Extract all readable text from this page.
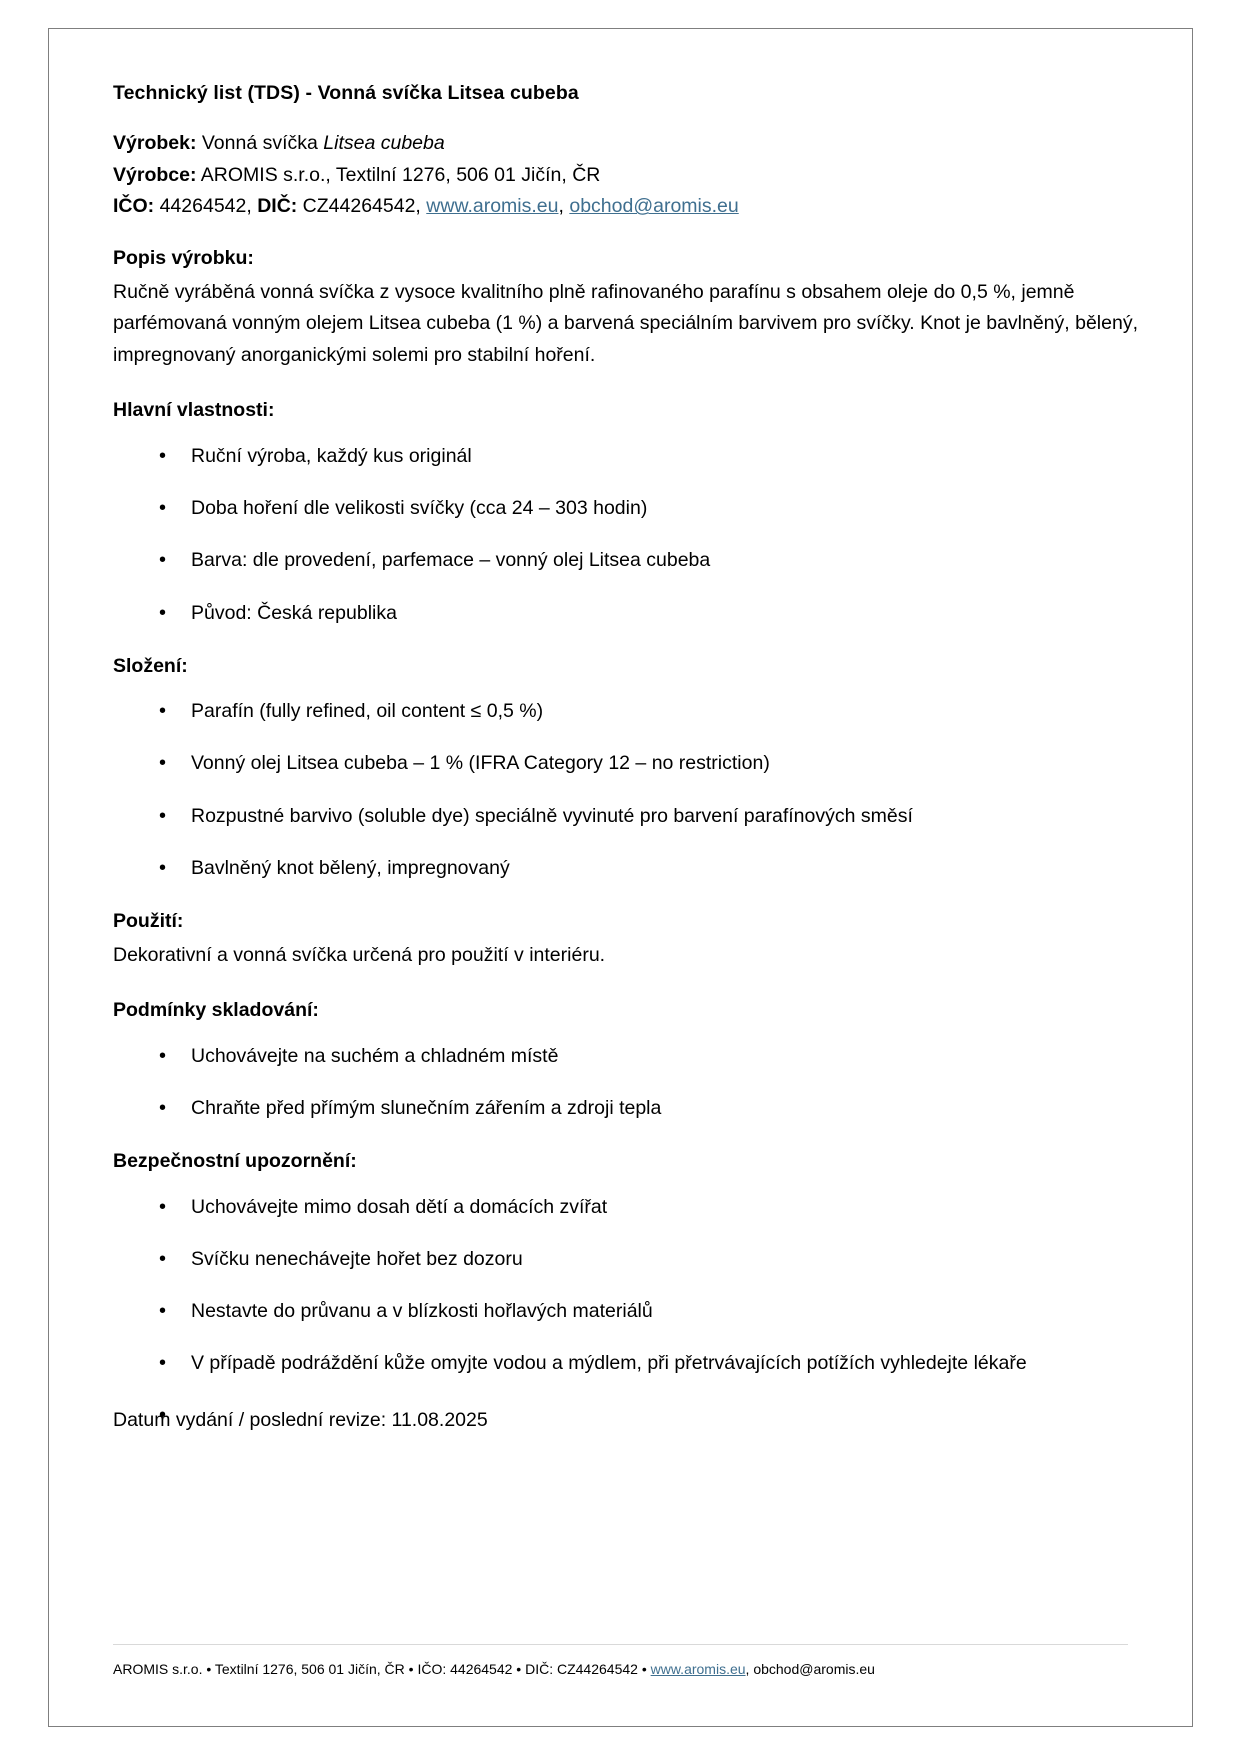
Technický list (TDS) - Vonná svíčka Litsea cubeba

Výrobek: Vonná svíčka Litsea cubeba

Výrobce: AROMIS s.r.o., Textilní 1276, 506 01 Jičín, ČR

IČO: 44264542, DIČ: CZ44264542, www.aromis.eu, obchod@aromis.eu

Popis výrobku:

Ručně vyráběná vonná svíčka z vysoce kvalitního plně rafinovaného parafínu s obsahem oleje do 0,5 %, jemně parfémovaná vonným olejem Litsea cubeba (1 %) a barvená speciálním barvivem pro svíčky. Knot je bavlněný, bělený, impregnovaný anorganickými solemi pro stabilní hoření.

Hlavní vlastnosti:

• Ruční výroba, každý kus originál
• Doba hoření dle velikosti svíčky (cca 24 – 303 hodin)
• Barva: dle provedení, parfemace – vonný olej Litsea cubeba
• Původ: Česká republika

Složení:

• Parafín (fully refined, oil content ≤ 0,5 %)
• Vonný olej Litsea cubeba – 1 % (IFRA Category 12 – no restriction)
• Rozpustné barvivo (soluble dye) speciálně vyvinuté pro barvení parafínových směsí
• Bavlněný knot bělený, impregnovaný

Použití:

Dekorativní a vonná svíčka určená pro použití v interiéru.

Podmínky skladování:

• Uchovávejte na suchém a chladném místě
• Chraňte před přímým slunečním zářením a zdroji tepla

Bezpečnostní upozornění:

• Uchovávejte mimo dosah dětí a domácích zvířat
• Svíčku nenechávejte hořet bez dozoru
• Nestavte do průvanu a v blízkosti hořlavých materiálů
• V případě podráždění kůže omyjte vodou a mýdlem, při přetrvávajících potížích vyhledejte lékaře

Datum vydání / poslední revize: 11.08.2025

AROMIS s.r.o. • Textilní 1276, 506 01 Jičín, ČR • IČO: 44264542 • DIČ: CZ44264542 • www.aromis.eu, obchod@aromis.eu
